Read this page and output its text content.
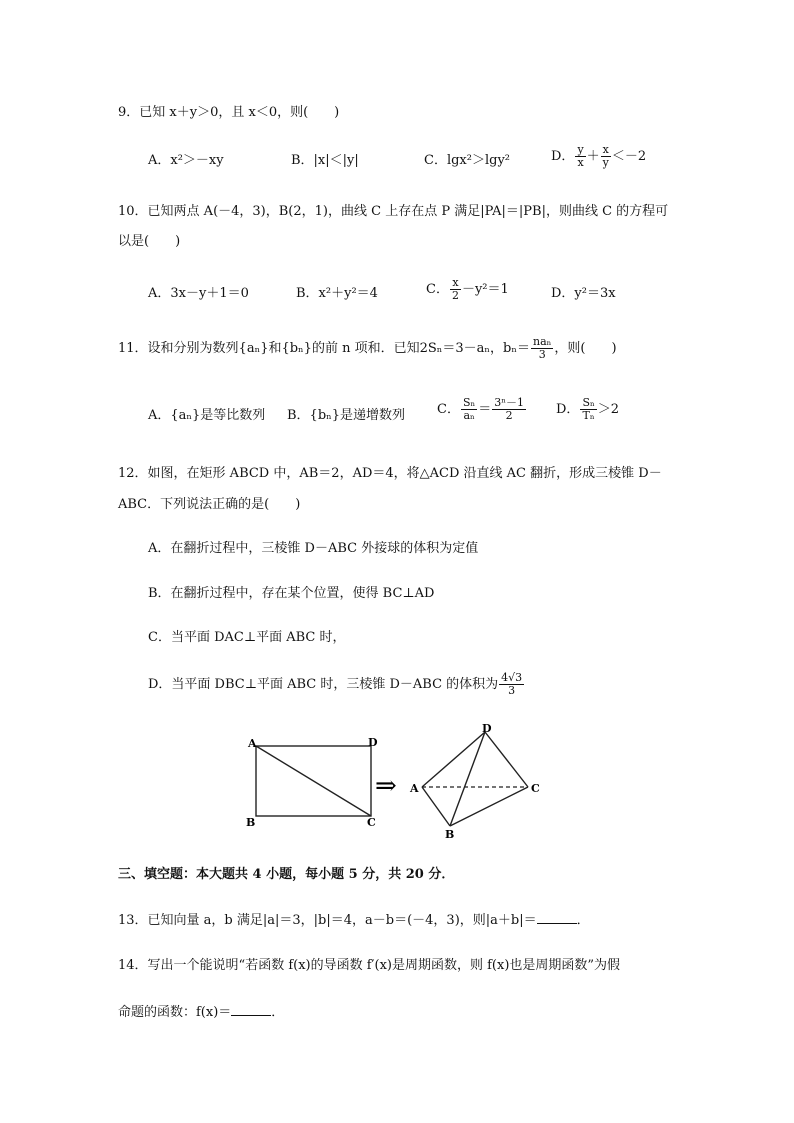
9．已知 x＋y＞0，且 x＜0，则(　　)
A．x²＞－xy	B．|x|＜|y|	C．lgx²＞lgy²	D． $\frac{y}{x} + \frac{x}{y} <-2$
10．已知两点 A(－4，3)，B(2，1)，曲线 C 上存在点 P 满足|PA|＝|PB|，则曲线 C 的方程可
以是(　　)
A．3x－y＋1＝0	B．x²＋y²＝4	C． $\frac{x}{2} -y^2=1$	D．y²＝3x
11．设和分别为数列{aₙ}和{bₙ}的前 n 项和．已知2Sₙ＝3－aₙ，$b_n= \frac{\text{naₙ}}{3}$ ，则(　　)
A．{aₙ}是等比数列 B．{bₙ}是递增数列 C． $\frac{\text{Sₙ}}{\text{aₙ}} = \frac{\text{3ⁿ－1}}{2}$ D． $\frac{\text{Sₙ}}{\text{Tₙ}} >2$
12．如图，在矩形 ABCD 中，AB＝2，AD＝4，将△ACD 沿直线 AC 翻折，形成三棱锥 D－
ABC．下列说法正确的是(　　)
A．在翻折过程中，三棱锥 D－ABC 外接球的体积为定值
B．在翻折过程中，存在某个位置，使得 BC⊥AD
C．当平面 DAC⊥平面 ABC 时，
D．当平面 DBC⊥平面 ABC 时，三棱锥 D－ABC 的体积为 $\frac{4√3}{3}$
A	D
B	C
⇒
D
A	C
B
三、填空题：本大题共 4 小题，每小题 5 分，共 20 分．
13．已知向量 a，b 满足|a|＝3，|b|＝4，a－b＝(－4，3)，则|a＋b|＝	．
14．写出一个能说明“若函数 f(x)的导函数 f′(x)是周期函数，则 f(x)也是周期函数”为假
命题的函数：f(x)＝	．
